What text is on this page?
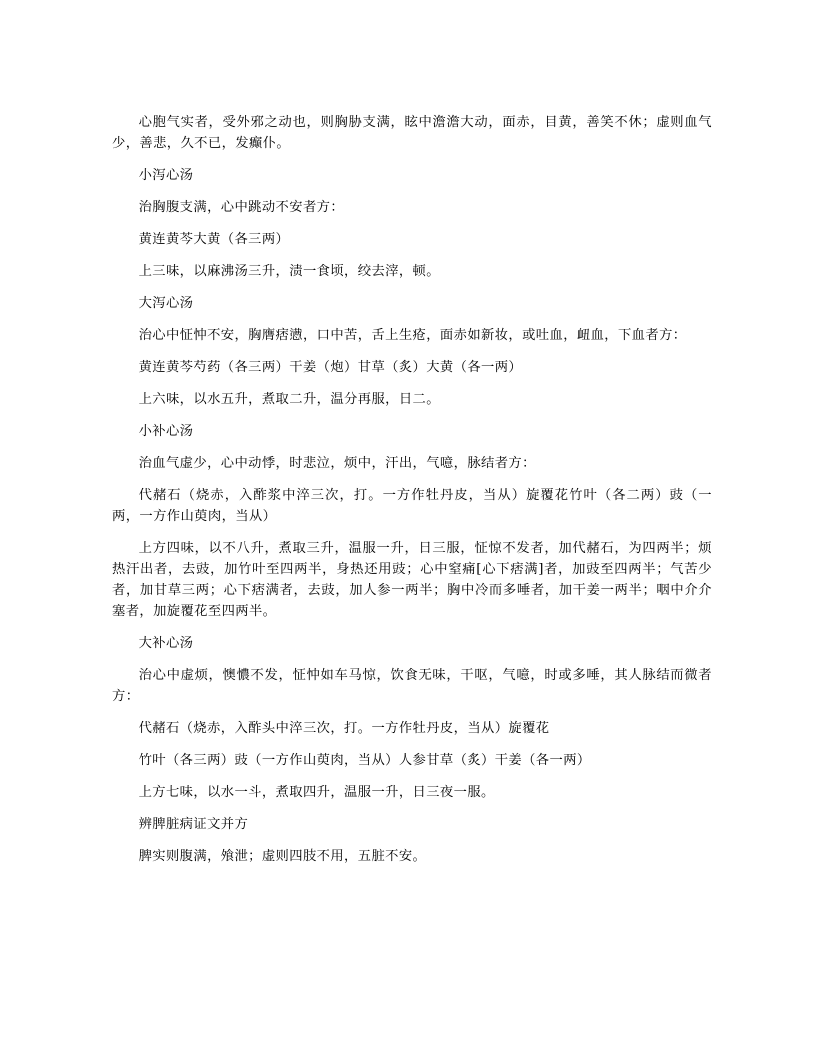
心胞气实者，受外邪之动也，则胸胁支满，眩中澹澹大动，面赤，目黄，善笑不休；虚则血气少，善悲，久不已，发癫仆。

小泻心汤

治胸腹支满，心中跳动不安者方：

黄连黄芩大黄（各三两）

上三味，以麻沸汤三升，渍一食顷，绞去滓，顿。

大泻心汤

治心中怔忡不安，胸膺痞懑，口中苦，舌上生疮，面赤如新妆，或吐血，衄血，下血者方：

黄连黄芩芍药（各三两）干姜（炮）甘草（炙）大黄（各一两）

上六味，以水五升，煮取二升，温分再服，日二。

小补心汤

治血气虚少，心中动悸，时悲泣，烦中，汗出，气噫，脉结者方：

代赭石（烧赤，入酢浆中淬三次，打。一方作牡丹皮，当从）旋覆花竹叶（各二两）豉（一两，一方作山萸肉，当从）

上方四味，以不八升，煮取三升，温服一升，日三服，怔惊不发者，加代赭石，为四两半；烦热汗出者，去豉，加竹叶至四两半，身热还用豉；心中窒痛[心下痞满]者，加豉至四两半；气苦少者，加甘草三两；心下痞满者，去豉，加人参一两半；胸中冷而多唾者，加干姜一两半；咽中介介塞者，加旋覆花至四两半。

大补心汤

治心中虚烦，懊憹不发，怔忡如车马惊，饮食无味，干呕，气噫，时或多唾，其人脉结而微者方：

代赭石（烧赤，入酢头中淬三次，打。一方作牡丹皮，当从）旋覆花

竹叶（各三两）豉（一方作山萸肉，当从）人参甘草（炙）干姜（各一两）

上方七味，以水一斗，煮取四升，温服一升，日三夜一服。

辨脾脏病证文并方

脾实则腹满，飧泄；虚则四肢不用，五脏不安。
